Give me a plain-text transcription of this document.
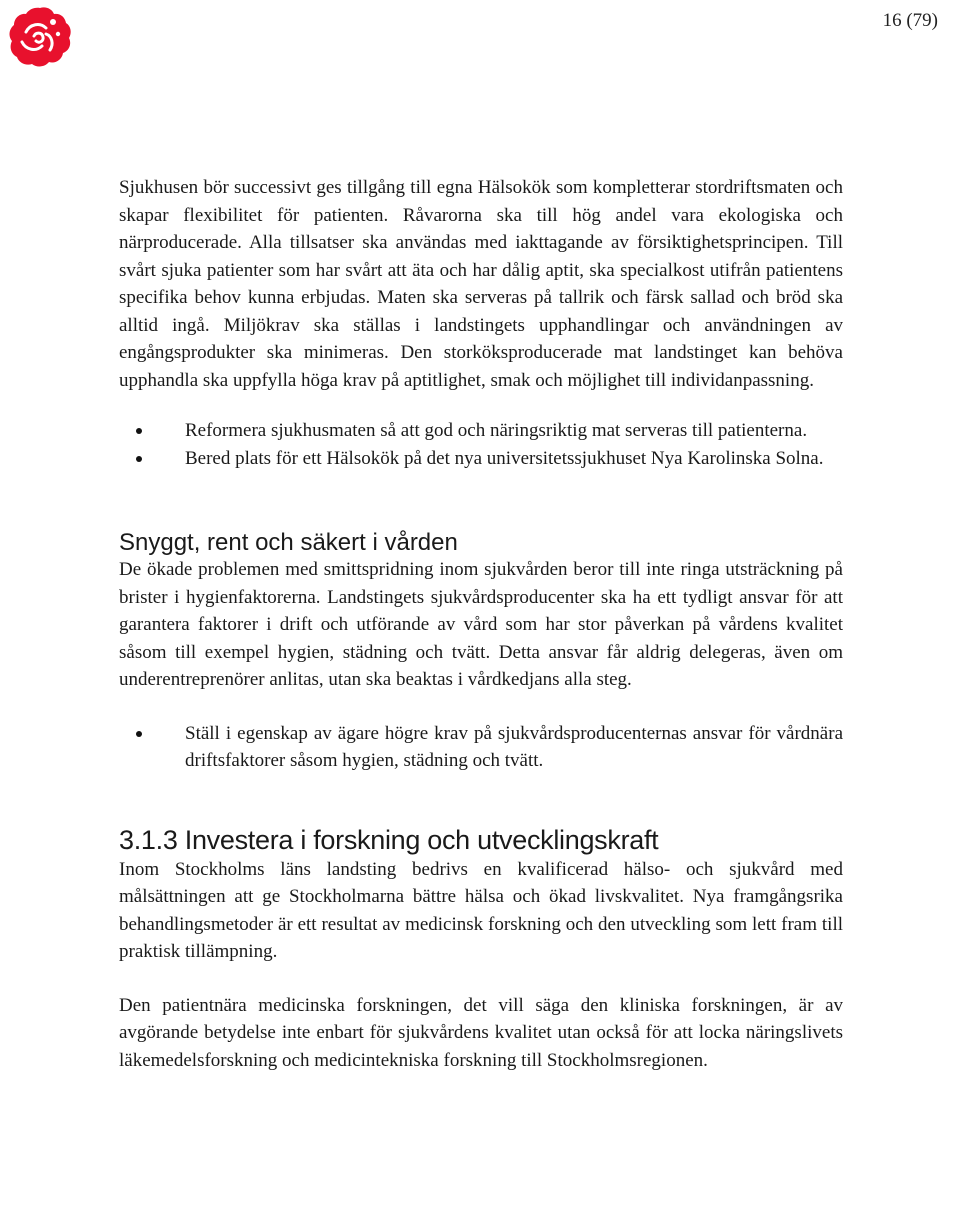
16 (79)

Sjukhusen bör successivt ges tillgång till egna Hälsokök som kompletterar stordriftsmaten och skapar flexibilitet för patienten. Råvarorna ska till hög andel vara ekologiska och närproducerade. Alla tillsatser ska användas med iakttagande av försiktighetsprincipen. Till svårt sjuka patienter som har svårt att äta och har dålig aptit, ska specialkost utifrån patientens specifika behov kunna erbjudas. Maten ska serveras på tallrik och färsk sallad och bröd ska alltid ingå. Miljökrav ska ställas i landstingets upphandlingar och användningen av engångsprodukter ska minimeras. Den storköksproducerade mat landstinget kan behöva upphandla ska uppfylla höga krav på aptitlighet, smak och möjlighet till individanpassning.

Reformera sjukhusmaten så att god och näringsriktig mat serveras till patienterna.
Bered plats för ett Hälsokök på det nya universitetssjukhuset Nya Karolinska Solna.
Snyggt, rent och säkert i vården

De ökade problemen med smittspridning inom sjukvården beror till inte ringa utsträckning på brister i hygienfaktorerna. Landstingets sjukvårdsproducenter ska ha ett tydligt ansvar för att garantera faktorer i drift och utförande av vård som har stor påverkan på vårdens kvalitet såsom till exempel hygien, städning och tvätt. Detta ansvar får aldrig delegeras, även om underentreprenörer anlitas, utan ska beaktas i vårdkedjans alla steg.

Ställ i egenskap av ägare högre krav på sjukvårdsproducenternas ansvar för vårdnära driftsfaktorer såsom hygien, städning och tvätt.
3.1.3 Investera i forskning och utvecklingskraft

Inom Stockholms läns landsting bedrivs en kvalificerad hälso- och sjukvård med målsättningen att ge Stockholmarna bättre hälsa och ökad livskvalitet. Nya framgångsrika behandlingsmetoder är ett resultat av medicinsk forskning och den utveckling som lett fram till praktisk tillämpning.

Den patientnära medicinska forskningen, det vill säga den kliniska forskningen, är av avgörande betydelse inte enbart för sjukvårdens kvalitet utan också för att locka näringslivets läkemedelsforskning och medicintekniska forskning till Stockholmsregionen.
